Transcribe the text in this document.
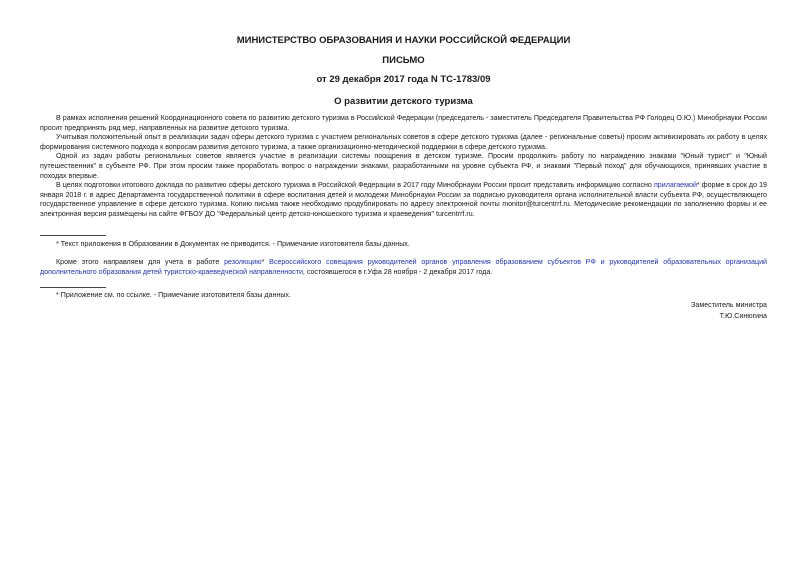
МИНИСТЕРСТВО ОБРАЗОВАНИЯ И НАУКИ РОССИЙСКОЙ ФЕДЕРАЦИИ

ПИСЬМО

от 29 декабря 2017 года N ТС-1783/09

О развитии детского туризма

В рамках исполнения решений Координационного совета по развитию детского туризма в Российской Федерации (председатель - заместитель Председателя Правительства РФ Голодец О.Ю.) Минобрнауки России просит предпринять ряд мер, направленных на развитие детского туризма.

Учитывая положительный опыт в реализации задач сферы детского туризма с участием региональных советов в сфере детского туризма (далее - региональные советы) просим активизировать их работу в целях формирования системного подхода к вопросам развития детского туризма, а также организационно-методической поддержки в сфере детского туризма.

Одной из задач работы региональных советов является участие в реализации системы поощрения в детском туризме. Просим продолжить работу по награждению знаками "Юный турист" и "Юный путешественник" в субъекте РФ. При этом просим также проработать вопрос о награждении знаками, разработанными на уровне субъекта РФ, и знаками "Первый поход" для обучающихся, принявших участие в походах впервые.

В целях подготовки итогового доклада по развитию сферы детского туризма в Российской Федерации в 2017 году Минобрнауки России просит представить информацию согласно прилагаемой* форме в срок до 19 января 2018 г. в адрес Департамента государственной политики в сфере воспитания детей и молодежи Минобрнауки России за подписью руководителя органа исполнительной власти субъекта РФ, осуществляющего государственное управление в сфере детского туризма. Копию письма также необходимо продублировать по адресу электронной почты monitor@turcentrrf.ru. Методические рекомендации по заполнению формы и ее электронная версия размещены на сайте ФГБОУ ДО "Федеральный центр детско-юношеского туризма и краеведения" turcentrrf.ru.

* Текст приложения в Образовании в Документах не приводится. - Примечание изготовителя базы данных.

Кроме этого направляем для учета в работе резолюцию* Всероссийского совещания руководителей органов управления образованием субъектов РФ и руководителей образовательных организаций дополнительного образования детей туристско-краеведческой направленности, состоявшегося в г.Уфа 28 ноября - 2 декабря 2017 года.

* Приложение см. по ссылке. - Примечание изготовителя базы данных.

Заместитель министра

Т.Ю.Синюгина
